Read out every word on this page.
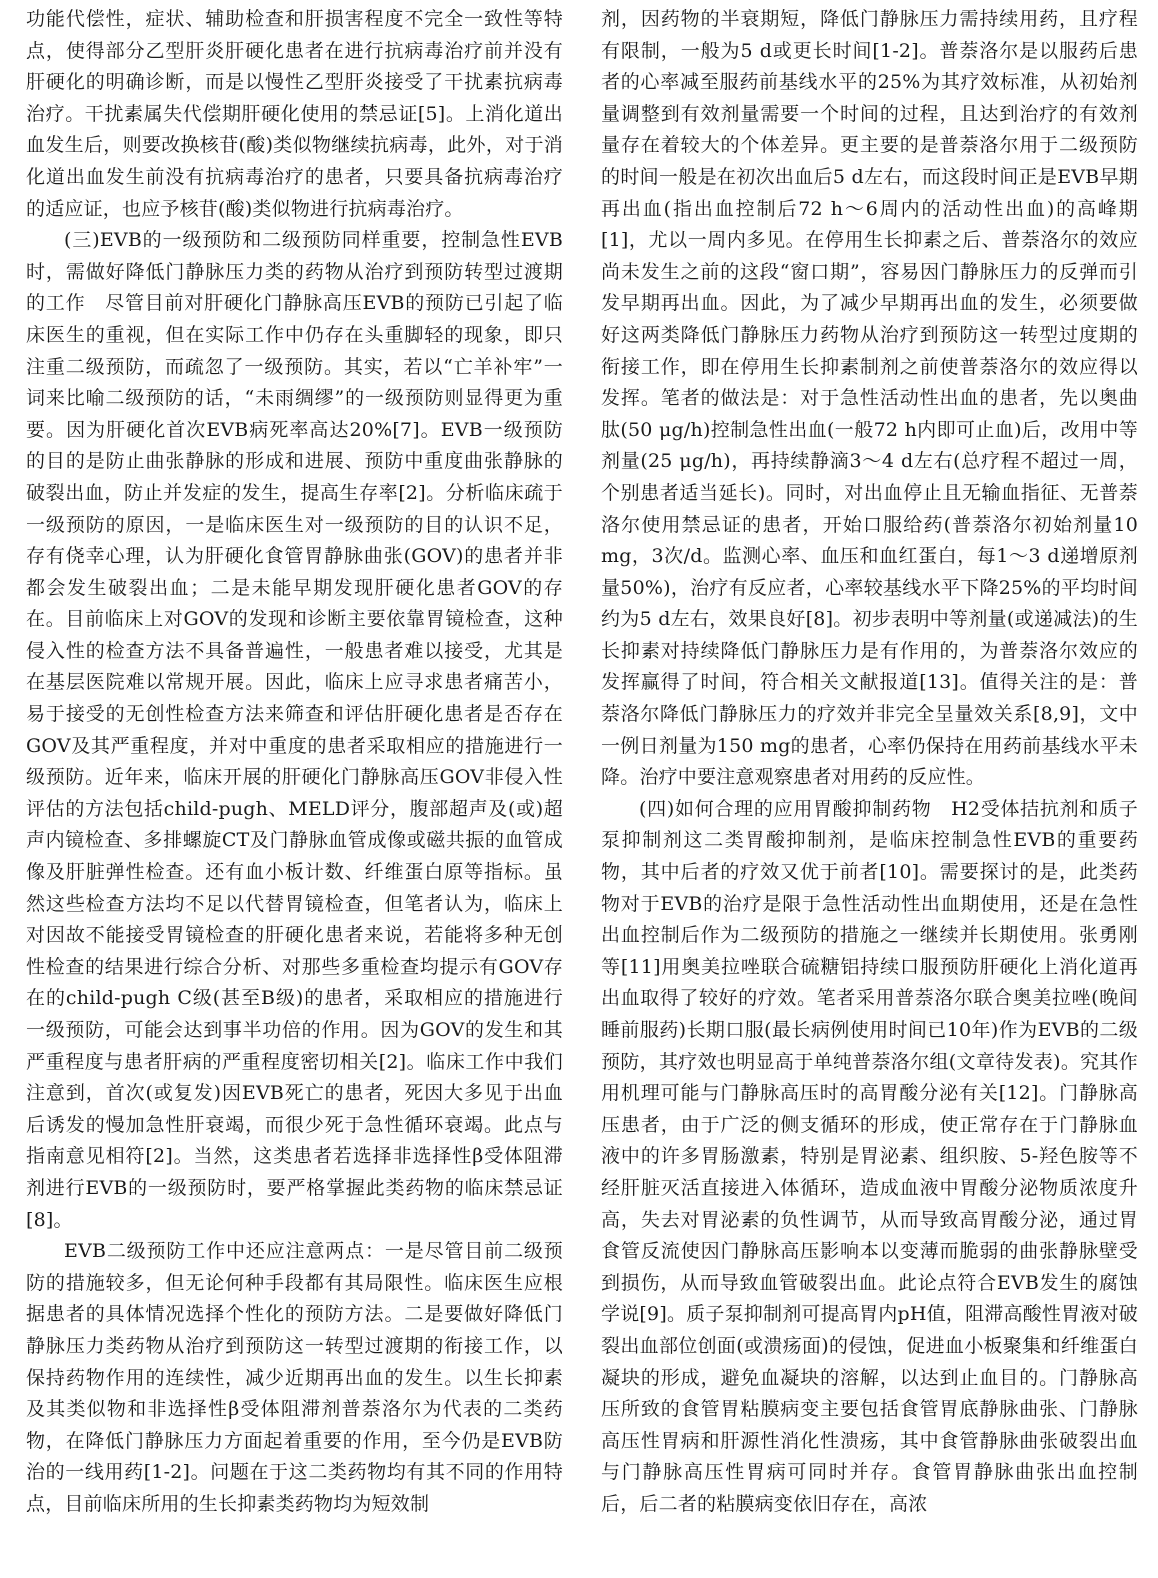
功能代偿性，症状、辅助检查和肝损害程度不完全一致性等特点，使得部分乙型肝炎肝硬化患者在进行抗病毒治疗前并没有肝硬化的明确诊断，而是以慢性乙型肝炎接受了干扰素抗病毒治疗。干扰素属失代偿期肝硬化使用的禁忌证[5]。上消化道出血发生后，则要改换核苷(酸)类似物继续抗病毒，此外，对于消化道出血发生前没有抗病毒治疗的患者，只要具备抗病毒治疗的适应证，也应予核苷(酸)类似物进行抗病毒治疗。

(三)EVB的一级预防和二级预防同样重要，控制急性EVB时，需做好降低门静脉压力类的药物从治疗到预防转型过渡期的工作　尽管目前对肝硬化门静脉高压EVB的预防已引起了临床医生的重视，但在实际工作中仍存在头重脚轻的现象，即只注重二级预防，而疏忽了一级预防。其实，若以“亡羊补牢”一词来比喻二级预防的话，“未雨绸缪”的一级预防则显得更为重要。因为肝硬化首次EVB病死率高达20%[7]。EVB一级预防的目的是防止曲张静脉的形成和进展、预防中重度曲张静脉的破裂出血，防止并发症的发生，提高生存率[2]。分析临床疏于一级预防的原因，一是临床医生对一级预防的目的认识不足，存有侥幸心理，认为肝硬化食管胃静脉曲张(GOV)的患者并非都会发生破裂出血；二是未能早期发现肝硬化患者GOV的存在。目前临床上对GOV的发现和诊断主要依靠胃镜检查，这种侵入性的检查方法不具备普遍性，一般患者难以接受，尤其是在基层医院难以常规开展。因此，临床上应寻求患者痛苦小，易于接受的无创性检查方法来筛查和评估肝硬化患者是否存在GOV及其严重程度，并对中重度的患者采取相应的措施进行一级预防。近年来，临床开展的肝硬化门静脉高压GOV非侵入性评估的方法包括child-pugh、MELD评分，腹部超声及(或)超声内镜检查、多排螺旋CT及门静脉血管成像或磁共振的血管成像及肝脏弹性检查。还有血小板计数、纤维蛋白原等指标。虽然这些检查方法均不足以代替胃镜检查，但笔者认为，临床上对因故不能接受胃镜检查的肝硬化患者来说，若能将多种无创性检查的结果进行综合分析、对那些多重检查均提示有GOV存在的child-pugh C级(甚至B级)的患者，采取相应的措施进行一级预防，可能会达到事半功倍的作用。因为GOV的发生和其严重程度与患者肝病的严重程度密切相关[2]。临床工作中我们注意到，首次(或复发)因EVB死亡的患者，死因大多见于出血后诱发的慢加急性肝衰竭，而很少死于急性循环衰竭。此点与指南意见相符[2]。当然，这类患者若选择非选择性β受体阻滞剂进行EVB的一级预防时，要严格掌握此类药物的临床禁忌证[8]。

EVB二级预防工作中还应注意两点：一是尽管目前二级预防的措施较多，但无论何种手段都有其局限性。临床医生应根据患者的具体情况选择个性化的预防方法。二是要做好降低门静脉压力类药物从治疗到预防这一转型过渡期的衔接工作，以保持药物作用的连续性，减少近期再出血的发生。以生长抑素及其类似物和非选择性β受体阻滞剂普萘洛尔为代表的二类药物，在降低门静脉压力方面起着重要的作用，至今仍是EVB防治的一线用药[1-2]。问题在于这二类药物均有其不同的作用特点，目前临床所用的生长抑素类药物均为短效制

剂，因药物的半衰期短，降低门静脉压力需持续用药，且疗程有限制，一般为5 d或更长时间[1-2]。普萘洛尔是以服药后患者的心率减至服药前基线水平的25%为其疗效标准，从初始剂量调整到有效剂量需要一个时间的过程，且达到治疗的有效剂量存在着较大的个体差异。更主要的是普萘洛尔用于二级预防的时间一般是在初次出血后5 d左右，而这段时间正是EVB早期再出血(指出血控制后72 h～6周内的活动性出血)的高峰期[1]，尤以一周内多见。在停用生长抑素之后、普萘洛尔的效应尚未发生之前的这段“窗口期”，容易因门静脉压力的反弹而引发早期再出血。因此，为了减少早期再出血的发生，必须要做好这两类降低门静脉压力药物从治疗到预防这一转型过度期的衔接工作，即在停用生长抑素制剂之前使普萘洛尔的效应得以发挥。笔者的做法是：对于急性活动性出血的患者，先以奥曲肽(50 μg/h)控制急性出血(一般72 h内即可止血)后，改用中等剂量(25 μg/h)，再持续静滴3～4 d左右(总疗程不超过一周，个别患者适当延长)。同时，对出血停止且无输血指征、无普萘洛尔使用禁忌证的患者，开始口服给药(普萘洛尔初始剂量10 mg，3次/d。监测心率、血压和血红蛋白，每1～3 d递增原剂量50%)，治疗有反应者，心率较基线水平下降25%的平均时间约为5 d左右，效果良好[8]。初步表明中等剂量(或递减法)的生长抑素对持续降低门静脉压力是有作用的，为普萘洛尔效应的发挥赢得了时间，符合相关文献报道[13]。值得关注的是：普萘洛尔降低门静脉压力的疗效并非完全呈量效关系[8,9]，文中一例日剂量为150 mg的患者，心率仍保持在用药前基线水平未降。治疗中要注意观察患者对用药的反应性。

(四)如何合理的应用胃酸抑制药物　H2受体拮抗剂和质子泵抑制剂这二类胃酸抑制剂，是临床控制急性EVB的重要药物，其中后者的疗效又优于前者[10]。需要探讨的是，此类药物对于EVB的治疗是限于急性活动性出血期使用，还是在急性出血控制后作为二级预防的措施之一继续并长期使用。张勇刚等[11]用奥美拉唑联合硫糖铝持续口服预防肝硬化上消化道再出血取得了较好的疗效。笔者采用普萘洛尔联合奥美拉唑(晚间睡前服药)长期口服(最长病例使用时间已10年)作为EVB的二级预防，其疗效也明显高于单纯普萘洛尔组(文章待发表)。究其作用机理可能与门静脉高压时的高胃酸分泌有关[12]。门静脉高压患者，由于广泛的侧支循环的形成，使正常存在于门静脉血液中的许多胃肠激素，特别是胃泌素、组织胺、5-羟色胺等不经肝脏灭活直接进入体循环，造成血液中胃酸分泌物质浓度升高，失去对胃泌素的负性调节，从而导致高胃酸分泌，通过胃食管反流使因门静脉高压影响本以变薄而脆弱的曲张静脉壁受到损伤，从而导致血管破裂出血。此论点符合EVB发生的腐蚀学说[9]。质子泵抑制剂可提高胃内pH值，阻滞高酸性胃液对破裂出血部位创面(或溃疡面)的侵蚀，促进血小板聚集和纤维蛋白凝块的形成，避免血凝块的溶解，以达到止血目的。门静脉高压所致的食管胃粘膜病变主要包括食管胃底静脉曲张、门静脉高压性胃病和肝源性消化性溃疡，其中食管静脉曲张破裂出血与门静脉高压性胃病可同时并存。食管胃静脉曲张出血控制后，后二者的粘膜病变依旧存在，高浓
